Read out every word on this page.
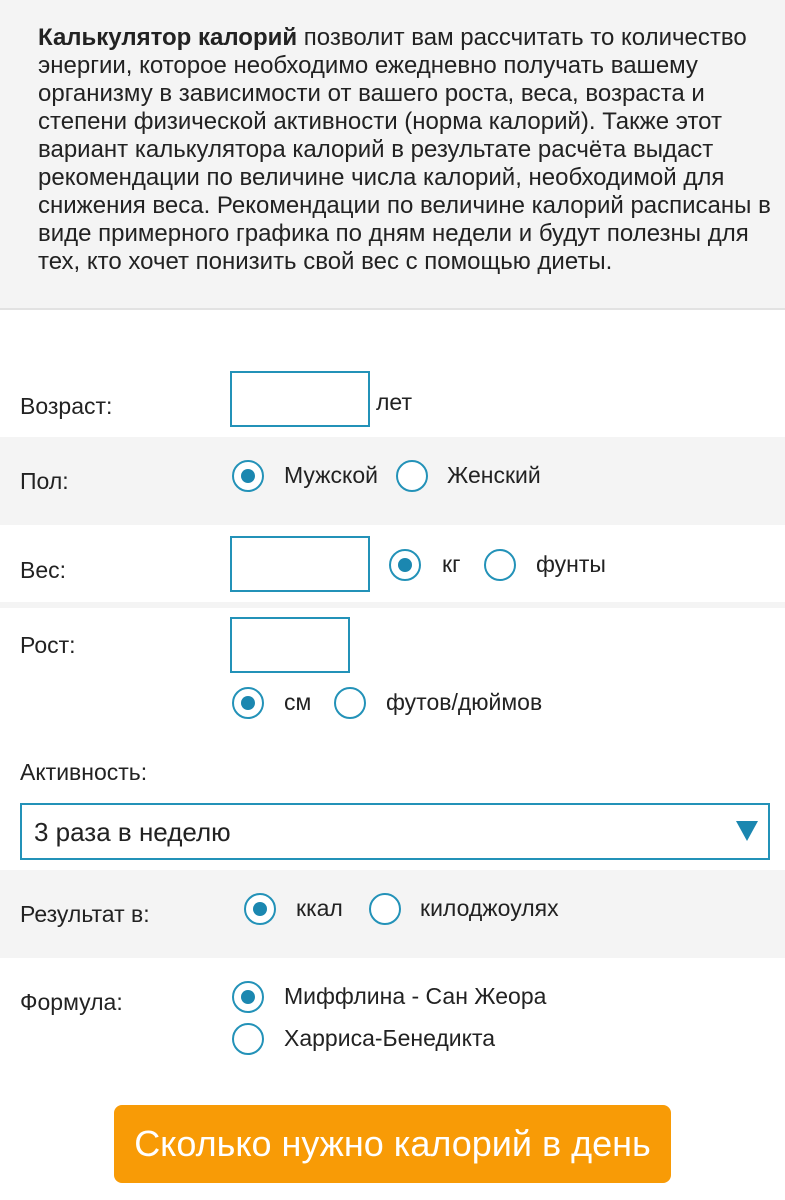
Калькулятор калорий позволит вам рассчитать то количество энергии, которое необходимо ежедневно получать вашему организму в зависимости от вашего роста, веса, возраста и степени физической активности (норма калорий). Также этот вариант калькулятора калорий в результате расчёта выдаст рекомендации по величине числа калорий, необходимой для снижения веса. Рекомендации по величине калорий расписаны в виде примерного графика по дням недели и будут полезны для тех, кто хочет понизить свой вес с помощью диеты.

Возраст:	лет
Пол:	Мужской	Женский
Вес:	кг	фунты
Рост:
см	футов/дюймов
Активность:
3 раза в неделю
Результат в:	ккал	килоджоулях
Формула:	Миффлина - Сан Жеора
Харриса-Бенедикта
Сколько нужно калорий в день
